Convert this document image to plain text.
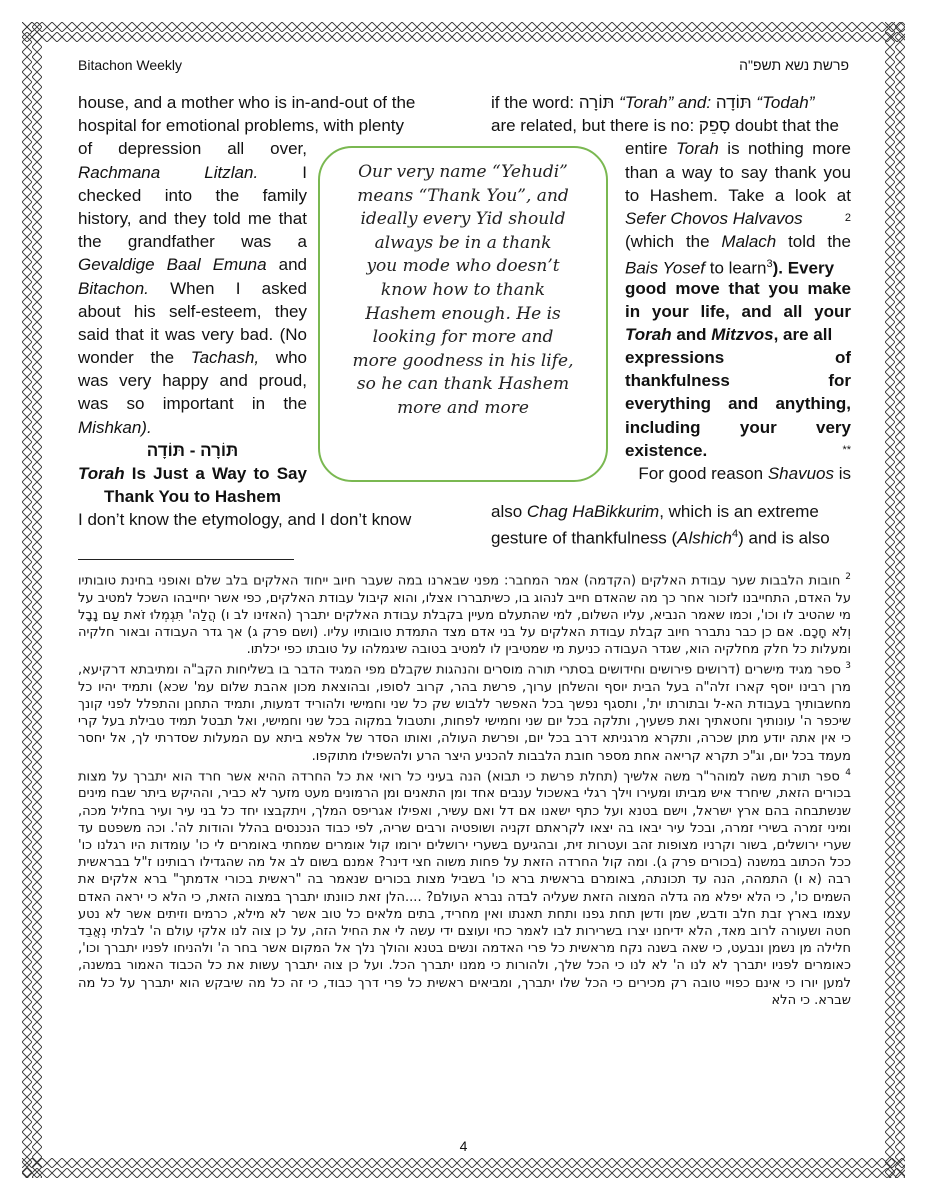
Bitachon Weekly	פרשת נשא תשפ"ה
house, and a mother who is in-and-out of the
hospital for emotional problems, with plenty
of depression all over,
Rachmana	Litzlan.	I
checked into the family
history, and they told me that
the grandfather was a
Gevaldige Baal Emuna and
Bitachon. When I asked
about his self-esteem, they
said that it was very bad. (No
wonder the Tachash, who
was very happy and proud,
was so important in the
Mishkan).
תּוֹרָה - תּוֹדָה
Torah Is Just a Way to Say
Thank You to Hashem
I don’t know the etymology, and I don’t know
Our very name “Yehudi”
means “Thank You”, and
ideally every Yid should
always be in a thank
you mode who doesn’t
know how to thank
Hashem enough. He is
looking for more and
more goodness in his life,
so he can thank Hashem
more and more
if the word: תּוֹרָה “Torah” and: תּוֹדָה “Todah”
are related, but there is no: סָפֵק doubt that the
entire Torah is nothing more
than a way to say thank you
to Hashem. Take a look at
Sefer Chovos Halvavos	2
(which the Malach told the
Bais Yosef to learn$^3$). Every
good move that you make
in your life, and all your
Torah and Mitzvos, are all
expressions	of
thankfulness	for
everything and anything,
including your very
existence.	**
For good reason Shavuos is
also Chag HaBikkurim, which is an extreme
gesture of thankfulness (Alshich$^4$) and is also
$^2$ חובות הלבבות שער עבודת האלקים (הקדמה) אמר המחבר: מפני שבארנו במה שעבר חיוב ייחוד האלקים בלב שלם ואופני בחינת טובותיו על האדם, התחייבנו לזכור אחר כך מה שהאדם חייב לנהוג בו, כשיתבררו אצלו, והוא קיבול עבודת האלקים, כפי אשר יחייבהו השכל למטיב על מי שהטיב לו וכו', וכמו שאמר הנביא, עליו השלום, למי שהתעלם מעיין בקבלת עבודת האלקים יתברך (האזינו לב ו) הֲלַה' תִּגְמְלוּ זֹאת עַם נָבָל וְלֹא חָכָם. אם כן כבר נתברר חיוב קבלת עבודת האלקים על בני אדם מצד התמדת טובותיו עליו. (ושם פרק ג) אך גדר העבודה ובאור חלקיה ומעלות כל חלק מחלקיה הוא, שגדר העבודה כניעת מי שמטיבין לו למטיב בטובה שיגמלהו על טובתו כפי יכלתו.
$^3$ ספר מגיד מישרים (דרושים פירושים וחידושים בסתרי תורה מוסרים והנהגות שקבלם מפי המגיד הדבר בו בשליחות הקב"ה ומתיבתא דרקיעא, מרן רבינו יוסף קארו זלה"ה בעל הבית יוסף והשלחן ערוך, פרשת בהר, קרוב לסופו, ובהוצאת מכון אהבת שלום עמ' שכא) ותמיד יהיו כל מחשבותיך בעבודת הא-ל ובתורתו ית', ותסגף נפשך בכל האפשר ללבוש שק כל שני וחמישי ולהוריד דמעות, ותמיד התחנן והתפלל לפני קונך שיכפר ה' עונותיך וחטאתיך ואת פשעיך, ותלקה בכל יום שני וחמישי לפחות, ותטבול במקוה בכל שני וחמישי, ואל תבטל תמיד טבילת בעל קרי כי אין אתה יודע מתן שכרה, ותקרא מרגניתא דרב בכל יום, ופרשת העולה, ואותו הסדר של אלפא ביתא עם המעלות שסדרתי לך, אל יחסר מעמד בכל יום, וג"כ תקרא קריאה אחת מספר חובת הלבבות להכניע היצר הרע ולהשפילו מתוקפו.
$^4$ ספר תורת משה למוהר"ר משה אלשיך (תחלת פרשת כי תבוא) הנה בעיני כל רואי את כל החרדה ההיא אשר חרד הוא יתברך על מצות בכורים הזאת, שיחרד איש מביתו ומעירו וילך רגלי באשכול ענבים אחד ומן התאנים ומן הרמונים מעט מזער לא כביר, וההיקש ביתר שבח מינים שנשתבחה בהם ארץ ישראל, וישם בטנא ועל כתף ישאנו אם דל ואם עשיר, ואפילו אגריפס המלך, ויתקבצו יחד כל בני עיר ועיר בחליל מכה, ומיני זמרה בשירי זמרה, ובכל עיר יבאו בה יצאו לקראתם זקניה ושופטיה ורבים שריה, לפי כבוד הנכנסים בהלל והודות לה'. וכה משפטם עד שערי ירושלים, בשור וקרניו מצופות זהב ועטרות זית, ובהגיעם בשערי ירושלים ירומו קול אומרים שמחתי באומרים לי כו' עומדות היו רגלנו כו' ככל הכתוב במשנה (בכורים פרק ג). ומה קול החרדה הזאת על פחות משוה חצי דינר? אמנם בשום לב אל מה שהגדילו רבותינו ז"ל בבראשית רבה (א ו) התמהה, הנה עד תכונתה, באומרם בראשית ברא כו' בשביל מצות בכורים שנאמר בה "ראשית בכורי אדמתך" ברא אלקים את השמים כו', כי הלא יפלא מה גדלה המצוה הזאת שעליה לבדה נברא העולם? ....הלן זאת כוונתו יתברך במצוה הזאת, כי הלא כי יראה האדם עצמו בארץ זבת חלב ודבש, שמן ודשן תחת גפנו ותחת תאנתו ואין מחריד, בתים מלאים כל טוב אשר לא מילא, כרמים וזיתים אשר לא נטע חטה ושעורה לרוב מאד, הלא ידיחנו יצרו בשרירות לבו לאמר כחי ועוצם ידי עשה לי את החיל הזה, על כן צוה לנו אלקי עולם ה' לבלתי נְאֲבֵד חלילה מן נשמן ונבעט, כי שאה בשנה נקח מראשית כל פרי האדמה ונשים בטנא והולך נלך אל המקום אשר בחר ה' ולהניחו לפניו יתברך וכו', כאומרים לפניו יתברך לא לנו ה' לא לנו כי הכל שלך, ולהורות כי ממנו יתברך הכל. ועל כן צוה יתברך עשות את כל הכבוד האמור במשנה, למען יורו כי אינם כפויי טובה רק מכירים כי הכל שלו יתברך, ומביאים ראשית כל פרי דרך כבוד, כי זה כל מה שיבקש הוא יתברך על כל מה שברא. כי הלא
4
